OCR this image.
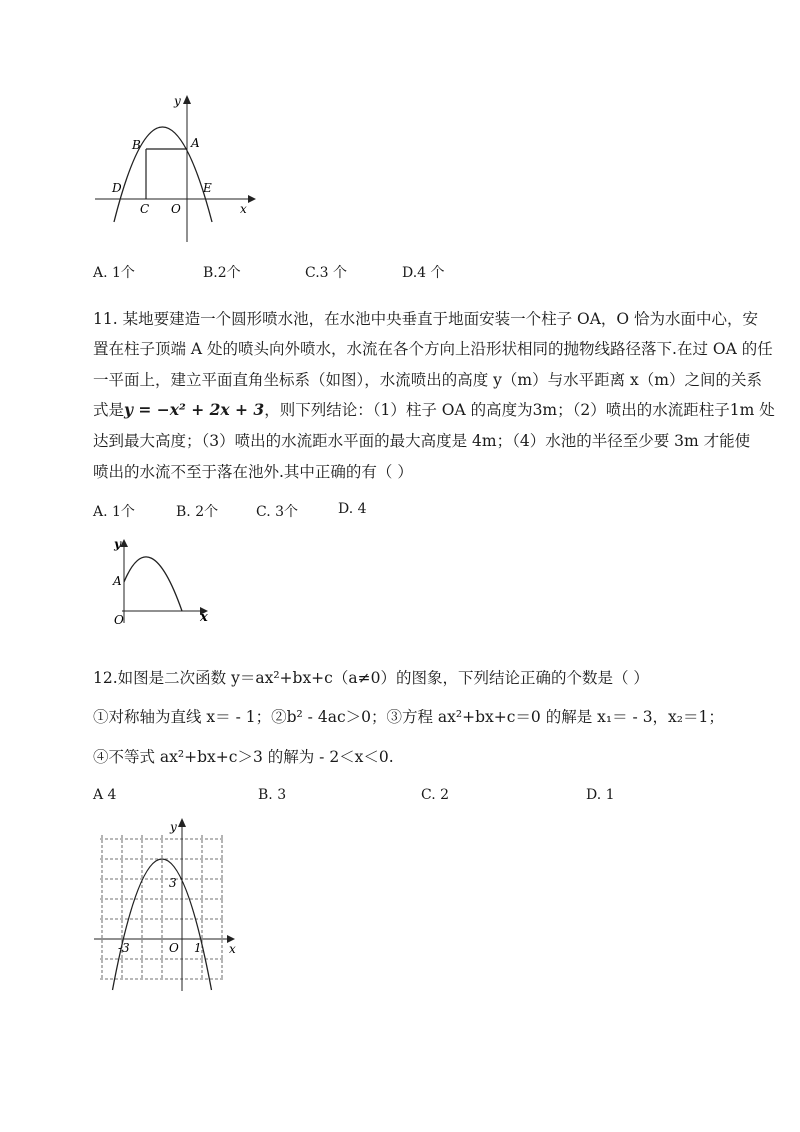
y
x
B	A
D	E
C O
A. 1个	B.2个	C.3 个	D.4 个
11. 某地要建造一个圆形喷水池，在水池中央垂直于地面安装一个柱子 OA，O 恰为水面中心，安
置在柱子顶端 A 处的喷头向外喷水，水流在各个方向上沿形状相同的抛物线路径落下.在过 OA 的任
一平面上，建立平面直角坐标系（如图），水流喷出的高度 y（m）与水平距离 x（m）之间的关系
式是y = −x² + 2x + 3，则下列结论：（1）柱子 OA 的高度为3m；（2）喷出的水流距柱子1m 处
达到最大高度；（3）喷出的水流距水平面的最大高度是 4m；（4）水池的半径至少要 3m 才能使
喷出的水流不至于落在池外.其中正确的有（ ）
A. 1个	B. 2个	C. 3个	D. 4
y
A
O	x
12.如图是二次函数 y＝ax²+bx+c（a≠0）的图象，下列结论正确的个数是（ ）
①对称轴为直线 x＝ - 1；②b² - 4ac＞0；③方程 ax²+bx+c＝0 的解是 x₁＝ - 3，x₂＝1；
④不等式 ax²+bx+c＞3 的解为 - 2＜x＜0.
A 4	B. 3	C. 2	D. 1
y
x
3
-3	O 1
